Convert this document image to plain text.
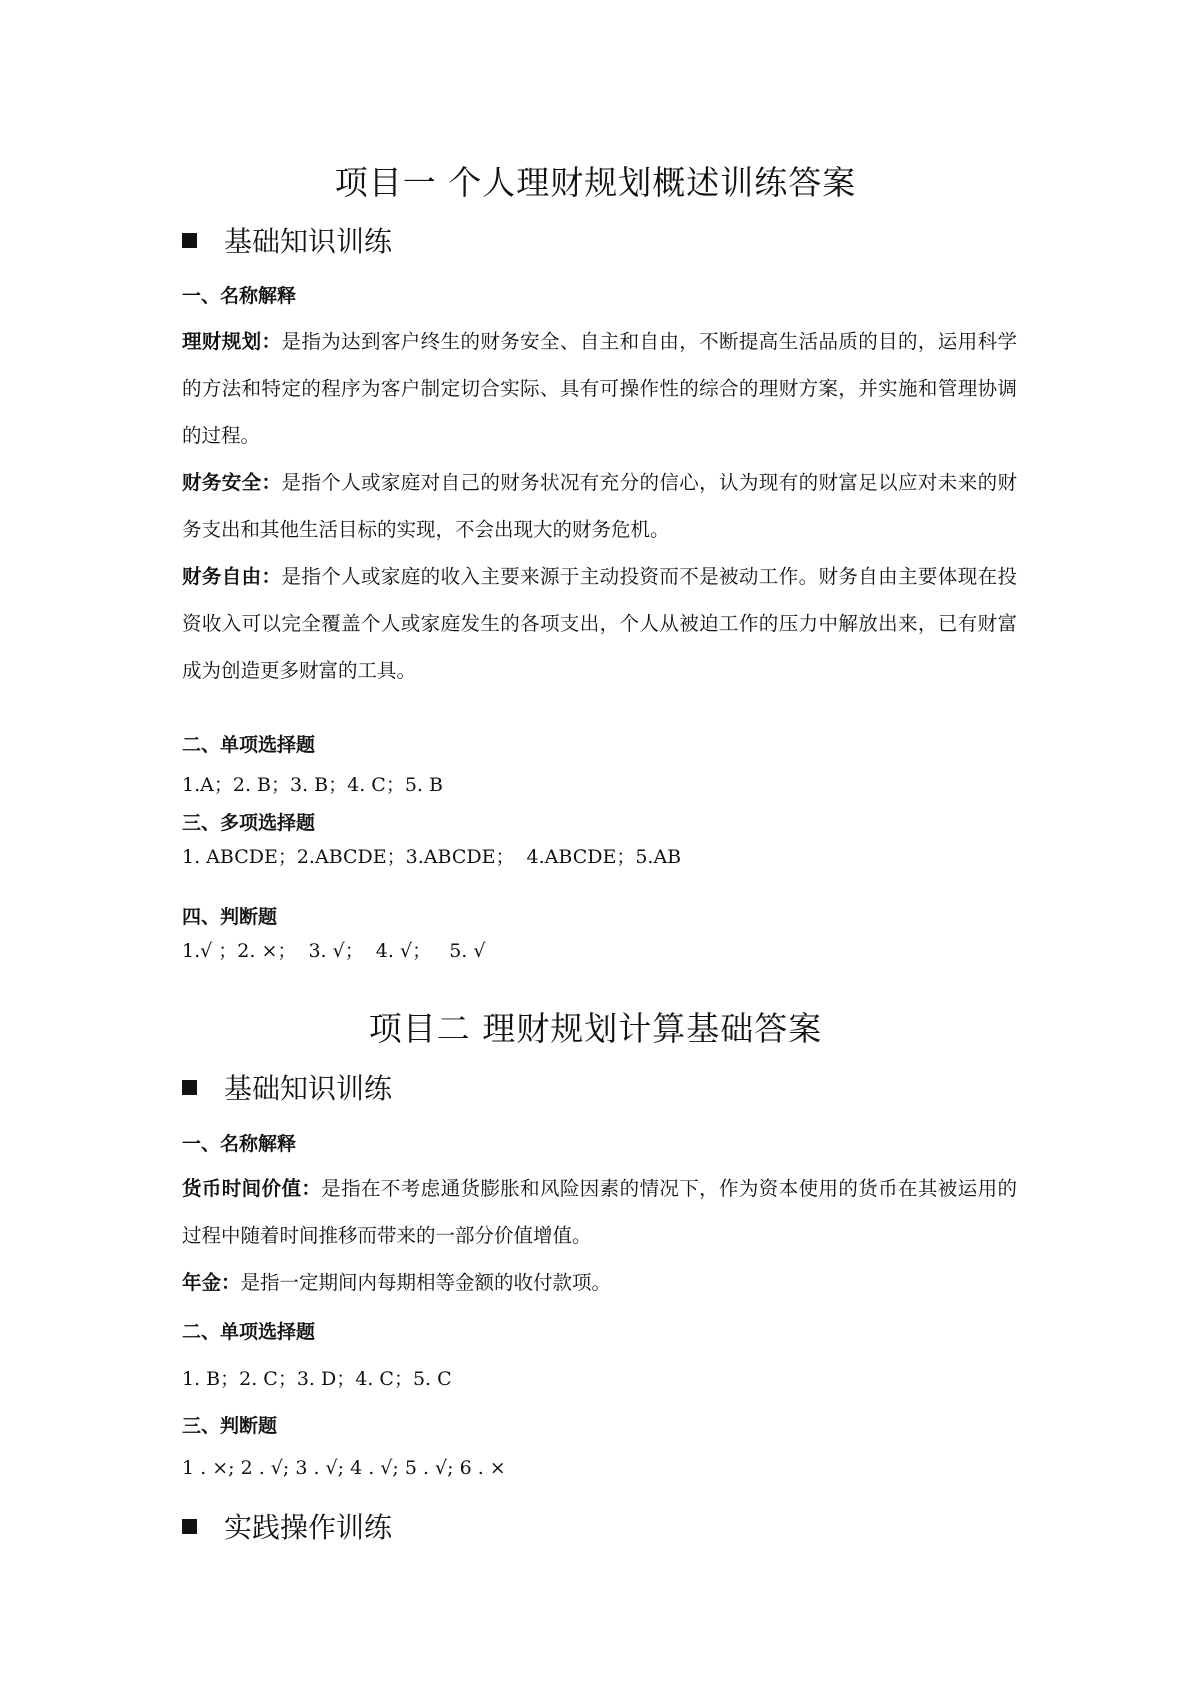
项目一 个人理财规划概述训练答案
基础知识训练
一、名称解释
理财规划：是指为达到客户终生的财务安全、自主和自由，不断提高生活品质的目的，运用科学的方法和特定的程序为客户制定切合实际、具有可操作性的综合的理财方案，并实施和管理协调的过程。
财务安全：是指个人或家庭对自己的财务状况有充分的信心，认为现有的财富足以应对未来的财务支出和其他生活目标的实现，不会出现大的财务危机。
财务自由：是指个人或家庭的收入主要来源于主动投资而不是被动工作。财务自由主要体现在投资收入可以完全覆盖个人或家庭发生的各项支出，个人从被迫工作的压力中解放出来，已有财富成为创造更多财富的工具。
二、单项选择题
1.A；2. B；3. B；4. C；5. B
三、多项选择题
1. ABCDE；2.ABCDE；3.ABCDE；  4.ABCDE；5.AB
四、判断题
1.√ ；2. ×；  3. √；  4. √；   5. √
项目二 理财规划计算基础答案
基础知识训练
一、名称解释
货币时间价值：是指在不考虑通货膨胀和风险因素的情况下，作为资本使用的货币在其被运用的过程中随着时间推移而带来的一部分价值增值。
年金：是指一定期间内每期相等金额的收付款项。
二、单项选择题
1. B；2. C；3. D；4. C；5. C
三、判断题
1 . ×; 2 . √; 3 . √; 4 . √; 5 . √; 6 . ×
实践操作训练
